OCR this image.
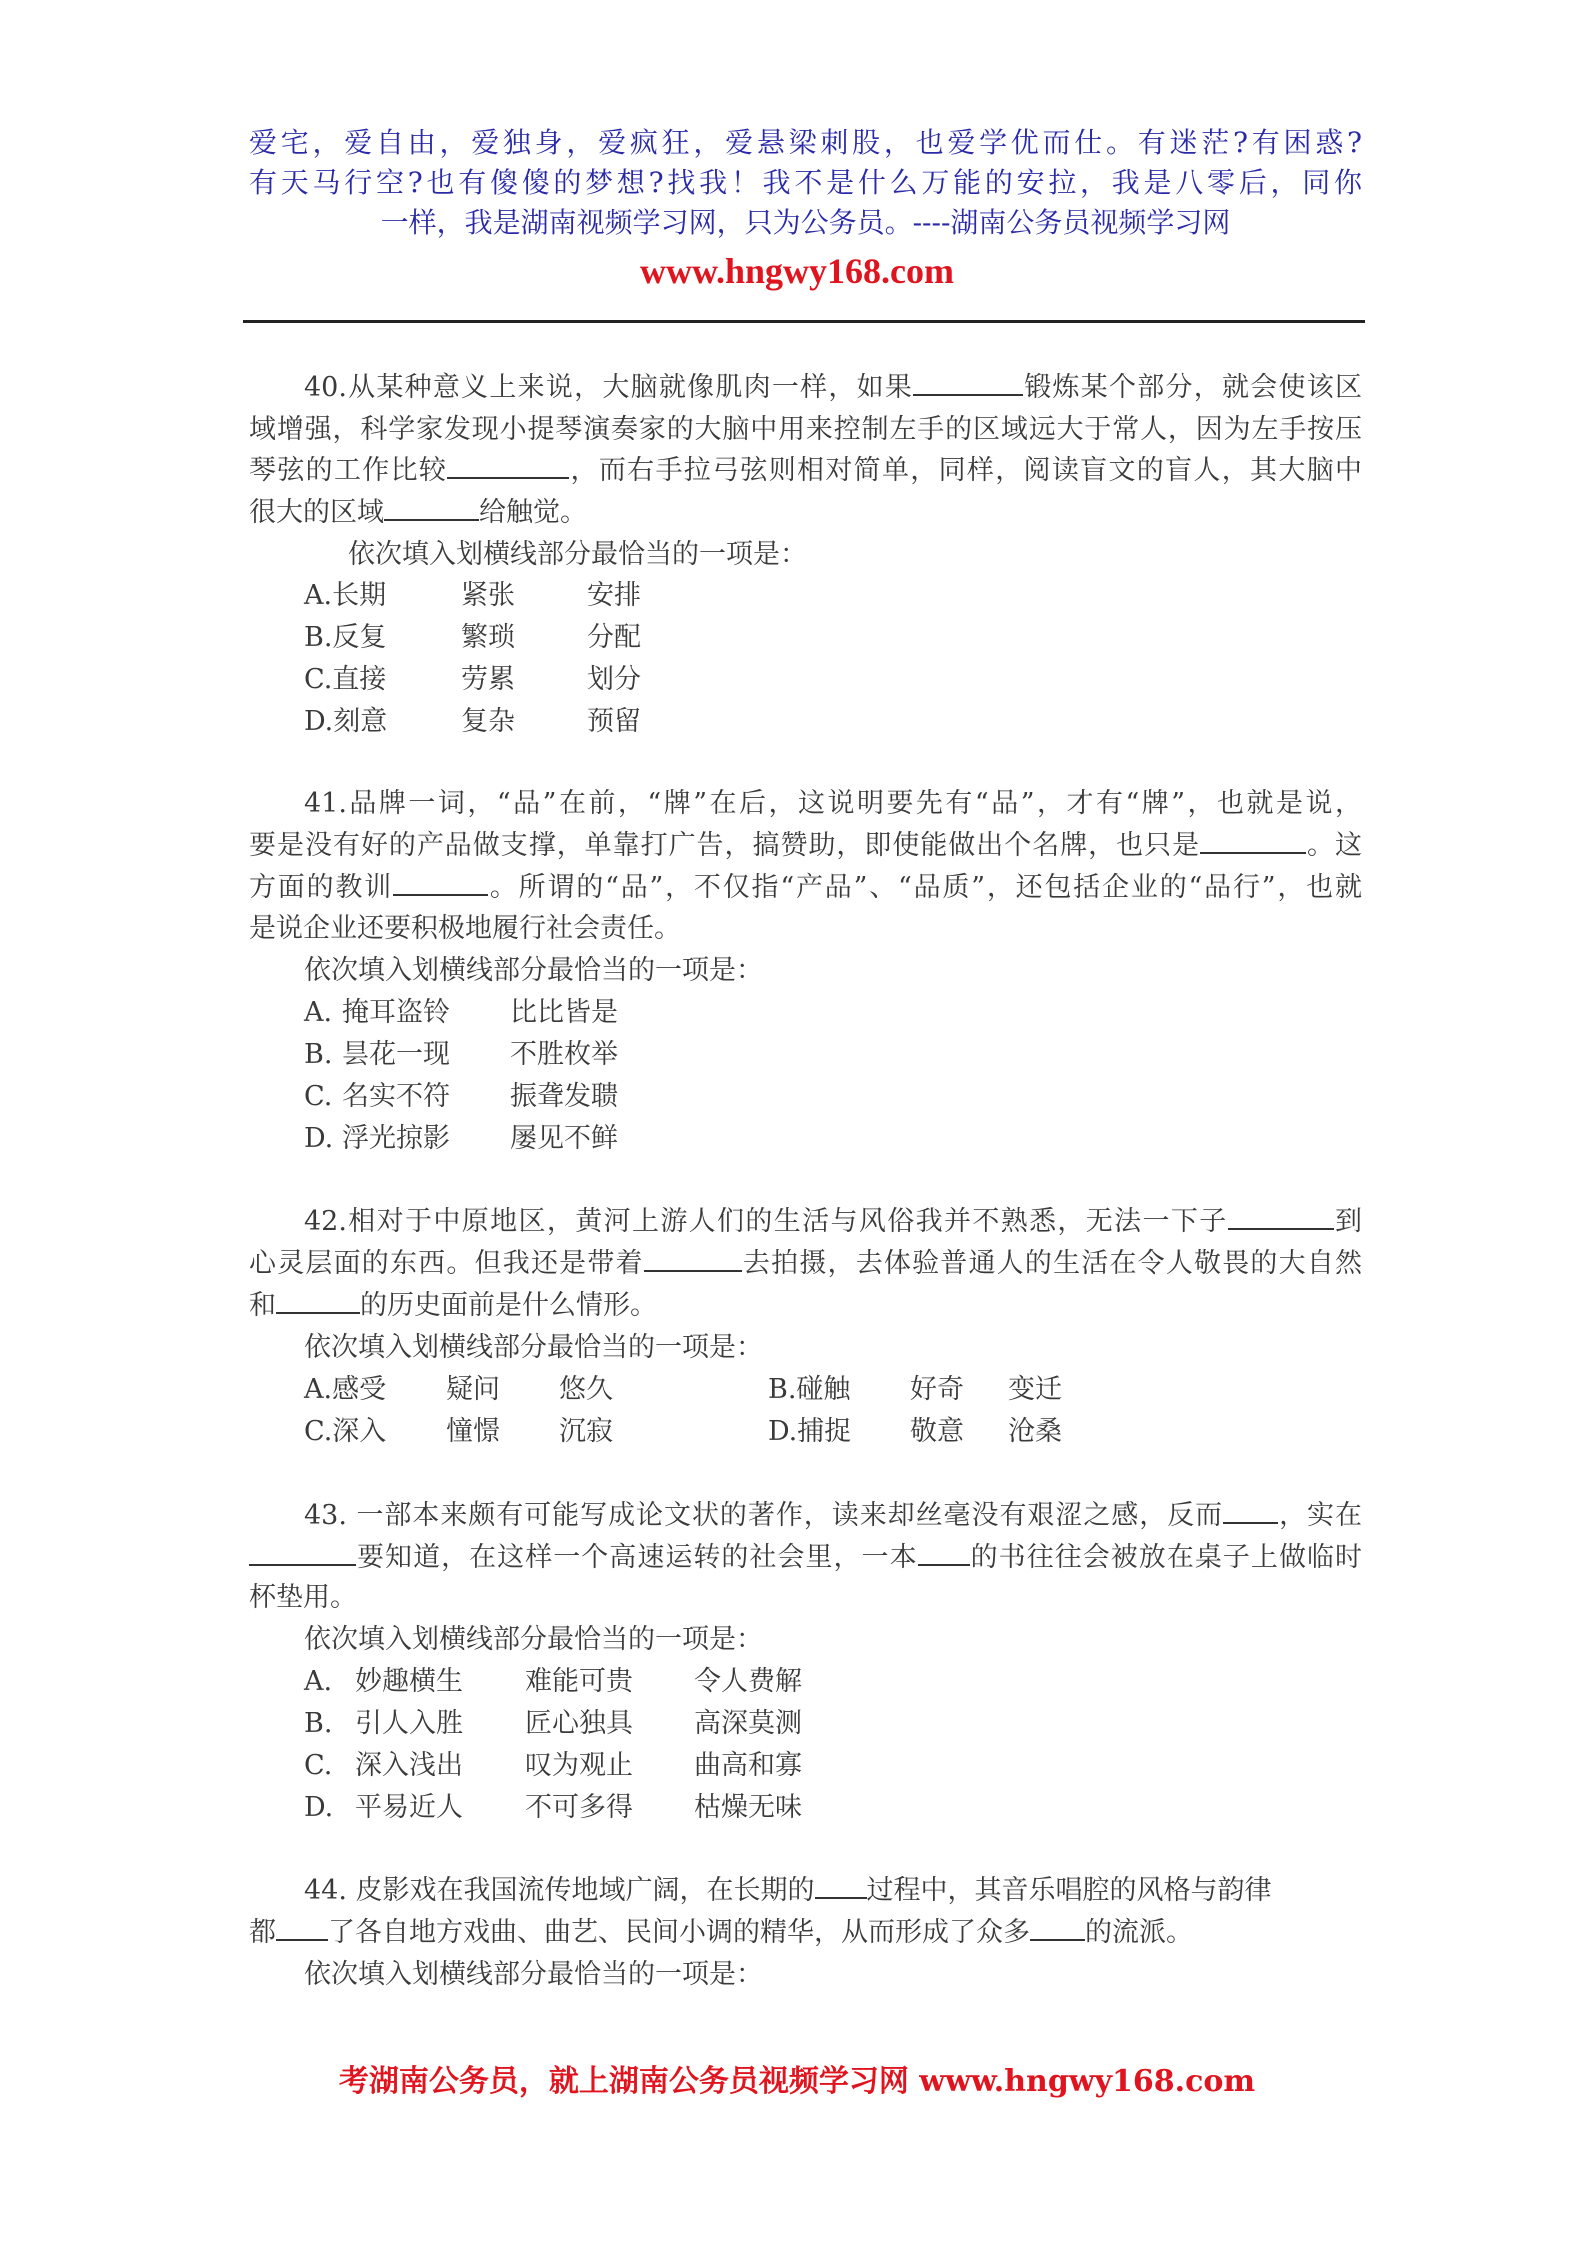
爱宅，爱自由，爱独身，爱疯狂，爱悬梁刺股，也爱学优而仕。有迷茫?有困惑?
有天马行空?也有傻傻的梦想?找我！我不是什么万能的安拉，我是八零后，同你
一样，我是湖南视频学习网，只为公务员。----湖南公务员视频学习网
www.hngwy168.com
40.从某种意义上来说，大脑就像肌肉一样，如果	锻炼某个部分，就会使该区
域增强，科学家发现小提琴演奏家的大脑中用来控制左手的区域远大于常人，因为左手按压
琴弦的工作比较	，而右手拉弓弦则相对简单，同样，阅读盲文的盲人，其大脑中
很大的区域	给触觉。
依次填入划横线部分最恰当的一项是：
A.长期	紧张	安排
B.反复	繁琐	分配
C.直接	劳累	划分
D.刻意	复杂	预留
41.品牌一词，“品”在前，“牌”在后，这说明要先有“品”，才有“牌”，也就是说，
要是没有好的产品做支撑，单靠打广告，搞赞助，即使能做出个名牌，也只是	。这
方面的教训	。所谓的“品”，不仅指“产品”、“品质”，还包括企业的“品行”，也就
是说企业还要积极地履行社会责任。
依次填入划横线部分最恰当的一项是：
A. 掩耳盗铃 比比皆是
B. 昙花一现 不胜枚举
C. 名实不符 振聋发聩
D. 浮光掠影 屡见不鲜
42.相对于中原地区，黄河上游人们的生活与风俗我并不熟悉，无法一下子	到
心灵层面的东西。但我还是带着	去拍摄，去体验普通人的生活在令人敬畏的大自然
和	的历史面前是什么情形。
依次填入划横线部分最恰当的一项是：
A.感受 疑问 悠久	B.碰触 好奇 变迁
C.深入 憧憬 沉寂	D.捕捉 敬意 沧桑
43. 一部本来颇有可能写成论文状的著作，读来却丝毫没有艰涩之感，反而 ，实在
要知道，在这样一个高速运转的社会里，一本 的书往往会被放在桌子上做临时
杯垫用。
依次填入划横线部分最恰当的一项是：
A. 妙趣横生 难能可贵 令人费解
B. 引人入胜 匠心独具 高深莫测
C. 深入浅出 叹为观止 曲高和寡
D. 平易近人 不可多得 枯燥无味
44. 皮影戏在我国流传地域广阔，在长期的 过程中，其音乐唱腔的风格与韵律
都 了各自地方戏曲、曲艺、民间小调的精华，从而形成了众多 的流派。
依次填入划横线部分最恰当的一项是：
考湖南公务员，就上湖南公务员视频学习网 www.hngwy168.com
